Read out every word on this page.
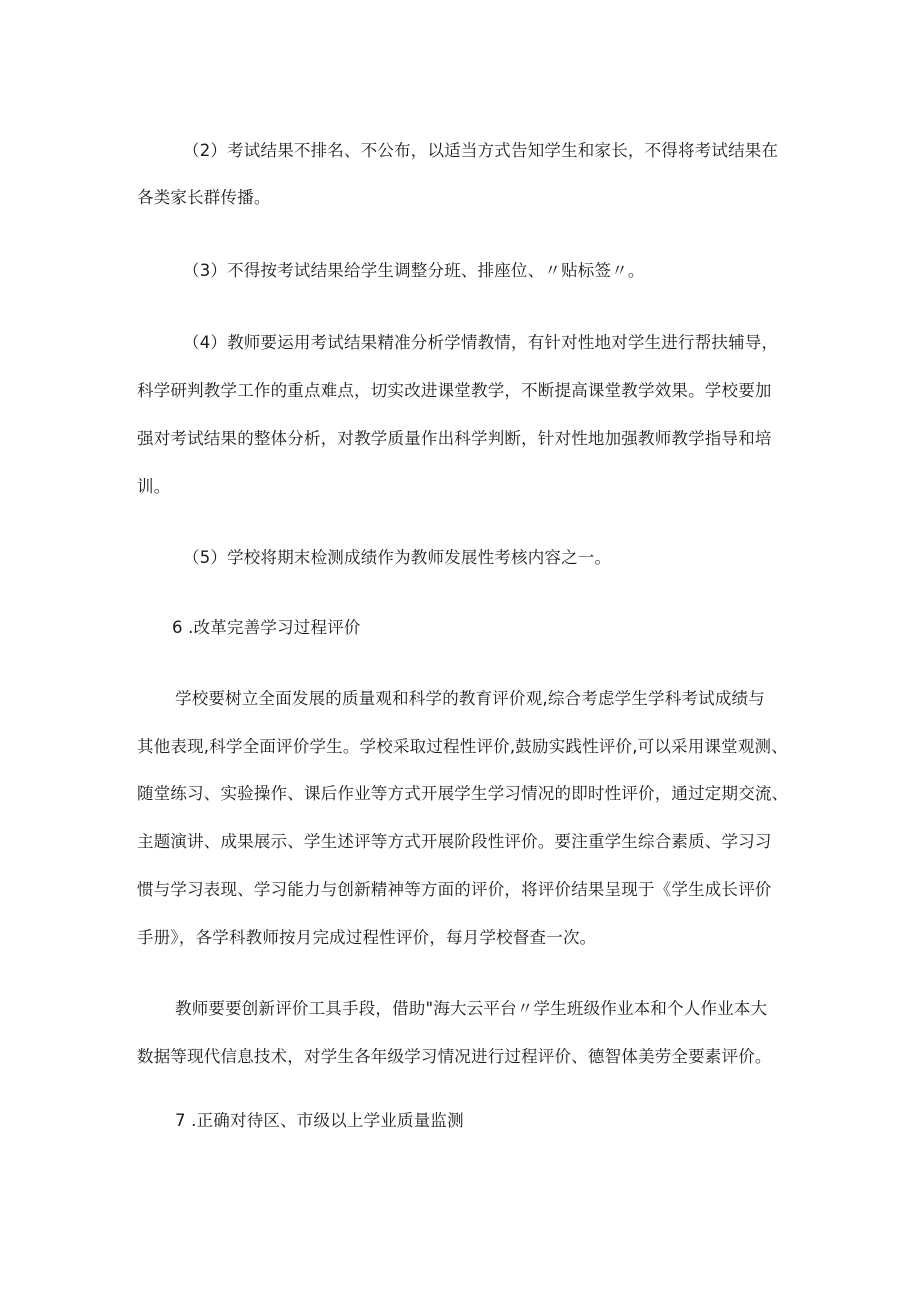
（2）考试结果不排名、不公布，以适当方式告知学生和家长，不得将考试结果在
各类家长群传播。
（3）不得按考试结果给学生调整分班、排座位、〃贴标签〃。
（4）教师要运用考试结果精准分析学情教情，有针对性地对学生进行帮扶辅导，
科学研判教学工作的重点难点，切实改进课堂教学，不断提高课堂教学效果。学校要加
强对考试结果的整体分析，对教学质量作出科学判断，针对性地加强教师教学指导和培
训。
（5）学校将期末检测成绩作为教师发展性考核内容之一。
6 .改革完善学习过程评价
学校要树立全面发展的质量观和科学的教育评价观,综合考虑学生学科考试成绩与
其他表现,科学全面评价学生。学校采取过程性评价,鼓励实践性评价,可以采用课堂观测、
随堂练习、实验操作、课后作业等方式开展学生学习情况的即时性评价，通过定期交流、
主题演讲、成果展示、学生述评等方式开展阶段性评价。要注重学生综合素质、学习习
惯与学习表现、学习能力与创新精神等方面的评价，将评价结果呈现于《学生成长评价
手册》，各学科教师按月完成过程性评价，每月学校督查一次。
教师要要创新评价工具手段，借助"海大云平台〃学生班级作业本和个人作业本大
数据等现代信息技术，对学生各年级学习情况进行过程评价、德智体美劳全要素评价。
7 .正确对待区、市级以上学业质量监测
